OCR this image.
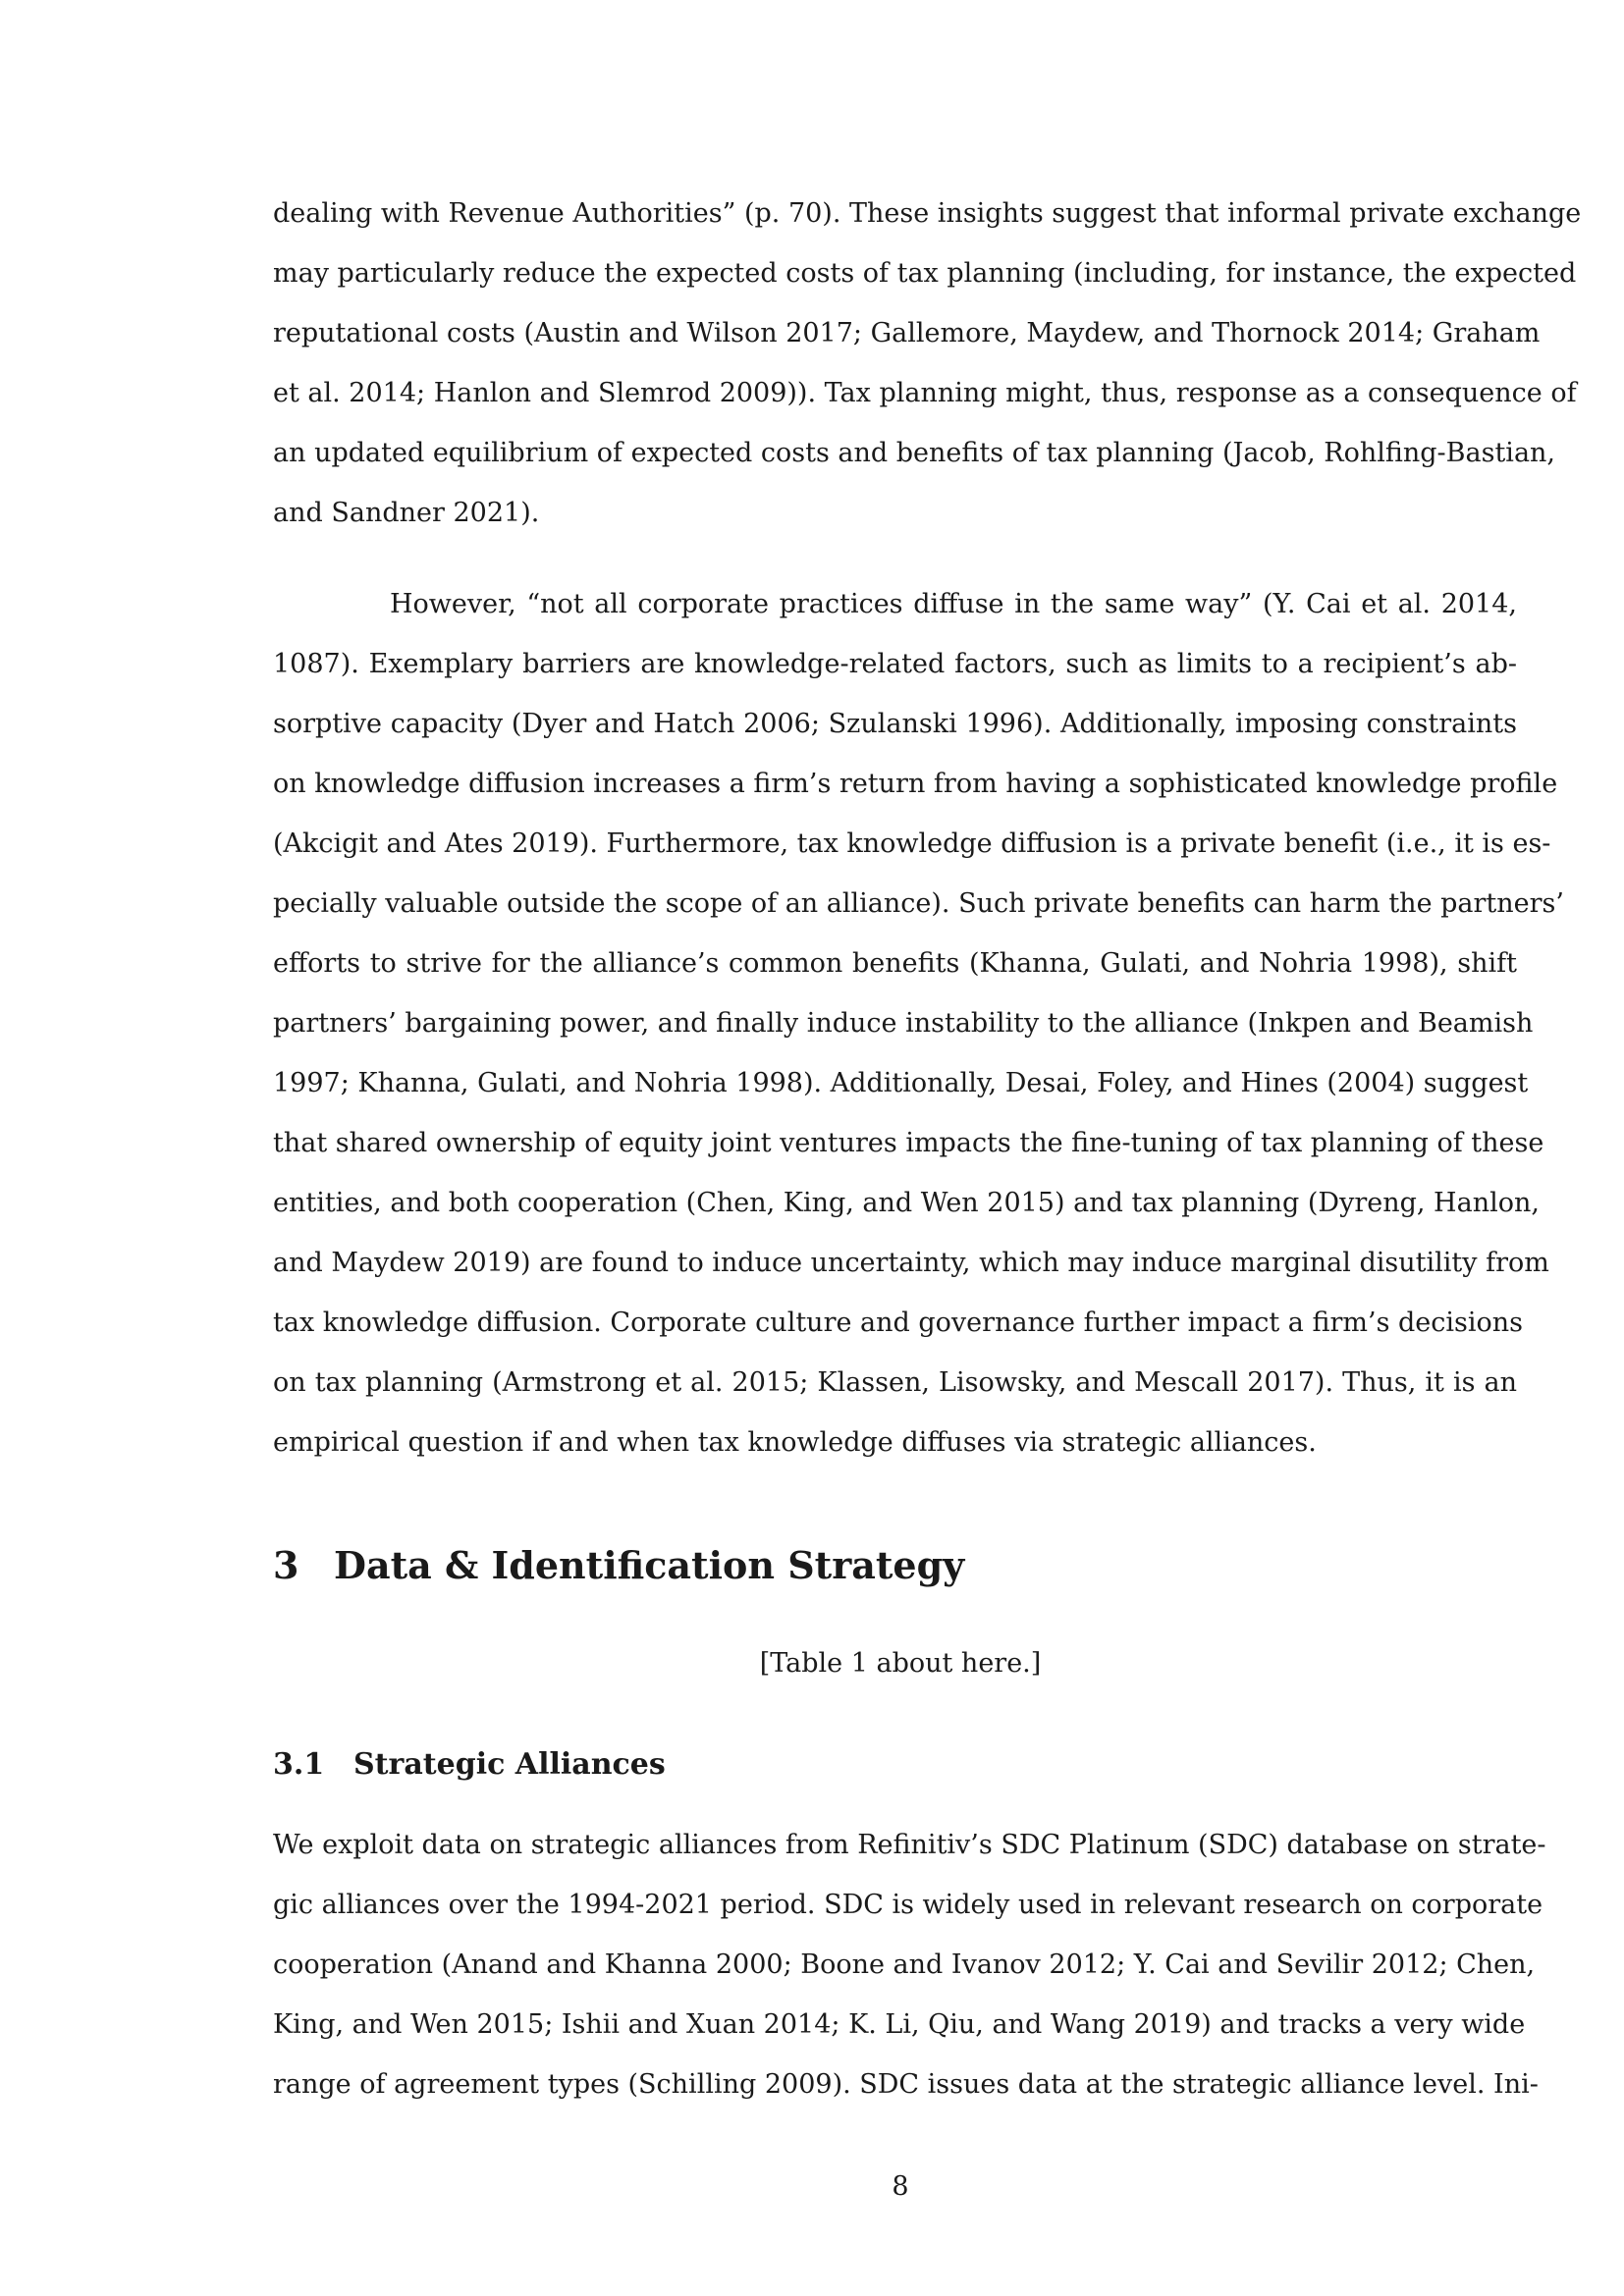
dealing with Revenue Authorities” (p. 70). These insights suggest that informal private exchange
may particularly reduce the expected costs of tax planning (including, for instance, the expected
reputational costs (Austin and Wilson 2017; Gallemore, Maydew, and Thornock 2014; Graham
et al. 2014; Hanlon and Slemrod 2009)). Tax planning might, thus, response as a consequence of
an updated equilibrium of expected costs and benefits of tax planning (Jacob, Rohlfing-Bastian,
and Sandner 2021).
However, “not all corporate practices diffuse in the same way” (Y. Cai et al. 2014,
1087). Exemplary barriers are knowledge-related factors, such as limits to a recipient’s ab-
sorptive capacity (Dyer and Hatch 2006; Szulanski 1996). Additionally, imposing constraints
on knowledge diffusion increases a firm’s return from having a sophisticated knowledge profile
(Akcigit and Ates 2019). Furthermore, tax knowledge diffusion is a private benefit (i.e., it is es-
pecially valuable outside the scope of an alliance). Such private benefits can harm the partners’
efforts to strive for the alliance’s common benefits (Khanna, Gulati, and Nohria 1998), shift
partners’ bargaining power, and finally induce instability to the alliance (Inkpen and Beamish
1997; Khanna, Gulati, and Nohria 1998). Additionally, Desai, Foley, and Hines (2004) suggest
that shared ownership of equity joint ventures impacts the fine-tuning of tax planning of these
entities, and both cooperation (Chen, King, and Wen 2015) and tax planning (Dyreng, Hanlon,
and Maydew 2019) are found to induce uncertainty, which may induce marginal disutility from
tax knowledge diffusion. Corporate culture and governance further impact a firm’s decisions
on tax planning (Armstrong et al. 2015; Klassen, Lisowsky, and Mescall 2017). Thus, it is an
empirical question if and when tax knowledge diffuses via strategic alliances.
3 Data & Identification Strategy
[Table 1 about here.]
3.1 Strategic Alliances
We exploit data on strategic alliances from Refinitiv’s SDC Platinum (SDC) database on strate-
gic alliances over the 1994-2021 period. SDC is widely used in relevant research on corporate
cooperation (Anand and Khanna 2000; Boone and Ivanov 2012; Y. Cai and Sevilir 2012; Chen,
King, and Wen 2015; Ishii and Xuan 2014; K. Li, Qiu, and Wang 2019) and tracks a very wide
range of agreement types (Schilling 2009). SDC issues data at the strategic alliance level. Ini-
8
